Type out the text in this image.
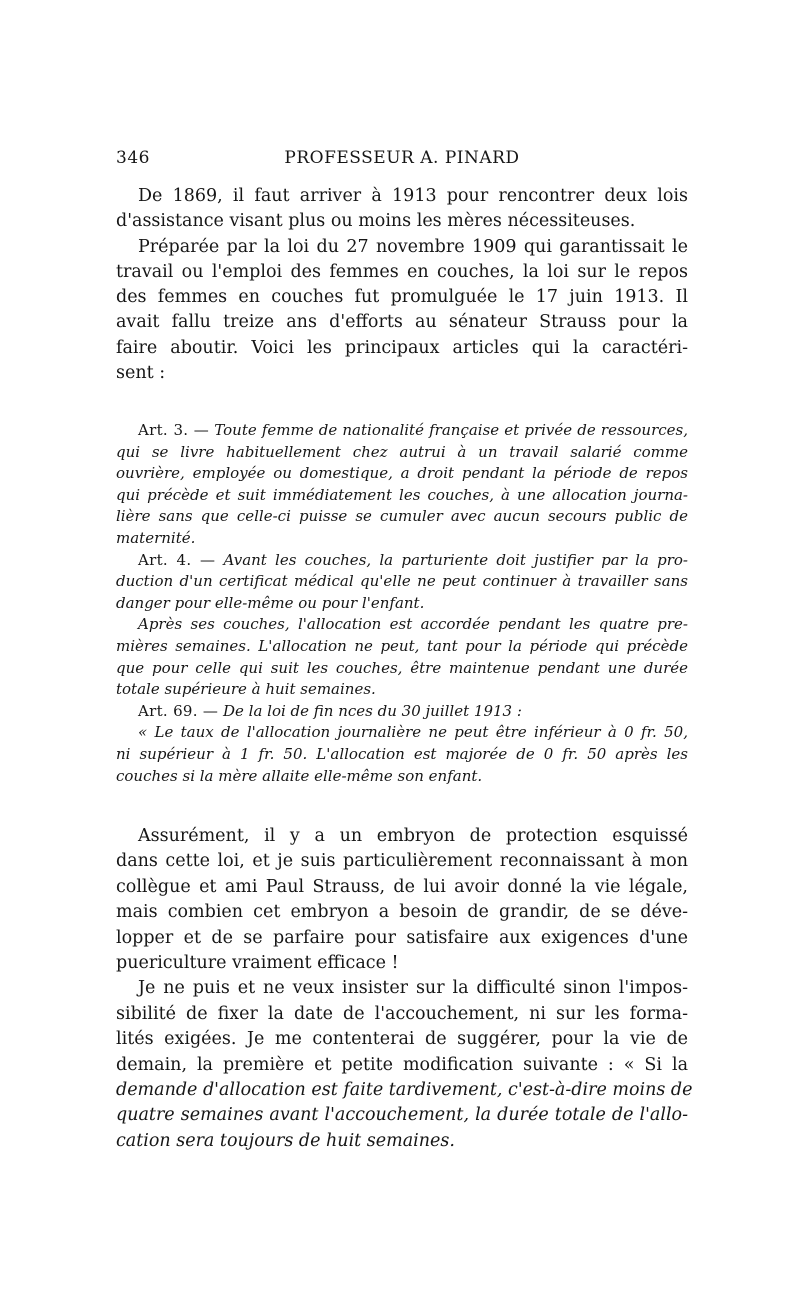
346	PROFESSEUR A. PINARD
De 1869, il faut arriver à 1913 pour rencontrer deux lois
d'assistance visant plus ou moins les mères nécessiteuses.
Préparée par la loi du 27 novembre 1909 qui garantissait le
travail ou l'emploi des femmes en couches, la loi sur le repos
des femmes en couches fut promulguée le 17 juin 1913. Il
avait fallu treize ans d'efforts au sénateur Strauss pour la
faire aboutir. Voici les principaux articles qui la caractéri-
sent :
Art. 3. — Toute femme de nationalité française et privée de ressources,
qui se livre habituellement chez autrui à un travail salarié comme
ouvrière, employée ou domestique, a droit pendant la période de repos
qui précède et suit immédiatement les couches, à une allocation journa-
lière sans que celle-ci puisse se cumuler avec aucun secours public de
maternité.
Art. 4. — Avant les couches, la parturiente doit justifier par la pro-
duction d'un certificat médical qu'elle ne peut continuer à travailler sans
danger pour elle-même ou pour l'enfant.
Après ses couches, l'allocation est accordée pendant les quatre pre-
mières semaines. L'allocation ne peut, tant pour la période qui précède
que pour celle qui suit les couches, être maintenue pendant une durée
totale supérieure à huit semaines.
Art. 69. — De la loi de fin nces du 30 juillet 1913 :
« Le taux de l'allocation journalière ne peut être inférieur à 0 fr. 50,
ni supérieur à 1 fr. 50. L'allocation est majorée de 0 fr. 50 après les
couches si la mère allaite elle-même son enfant.
Assurément, il y a un embryon de protection esquissé
dans cette loi, et je suis particulièrement reconnaissant à mon
collègue et ami Paul Strauss, de lui avoir donné la vie légale,
mais combien cet embryon a besoin de grandir, de se déve-
lopper et de se parfaire pour satisfaire aux exigences d'une
puericulture vraiment efficace !
Je ne puis et ne veux insister sur la difficulté sinon l'impos-
sibilité de fixer la date de l'accouchement, ni sur les forma-
lités exigées. Je me contenterai de suggérer, pour la vie de
demain, la première et petite modification suivante : « Si la
demande d'allocation est faite tardivement, c'est-à-dire moins de
quatre semaines avant l'accouchement, la durée totale de l'allo-
cation sera toujours de huit semaines.
